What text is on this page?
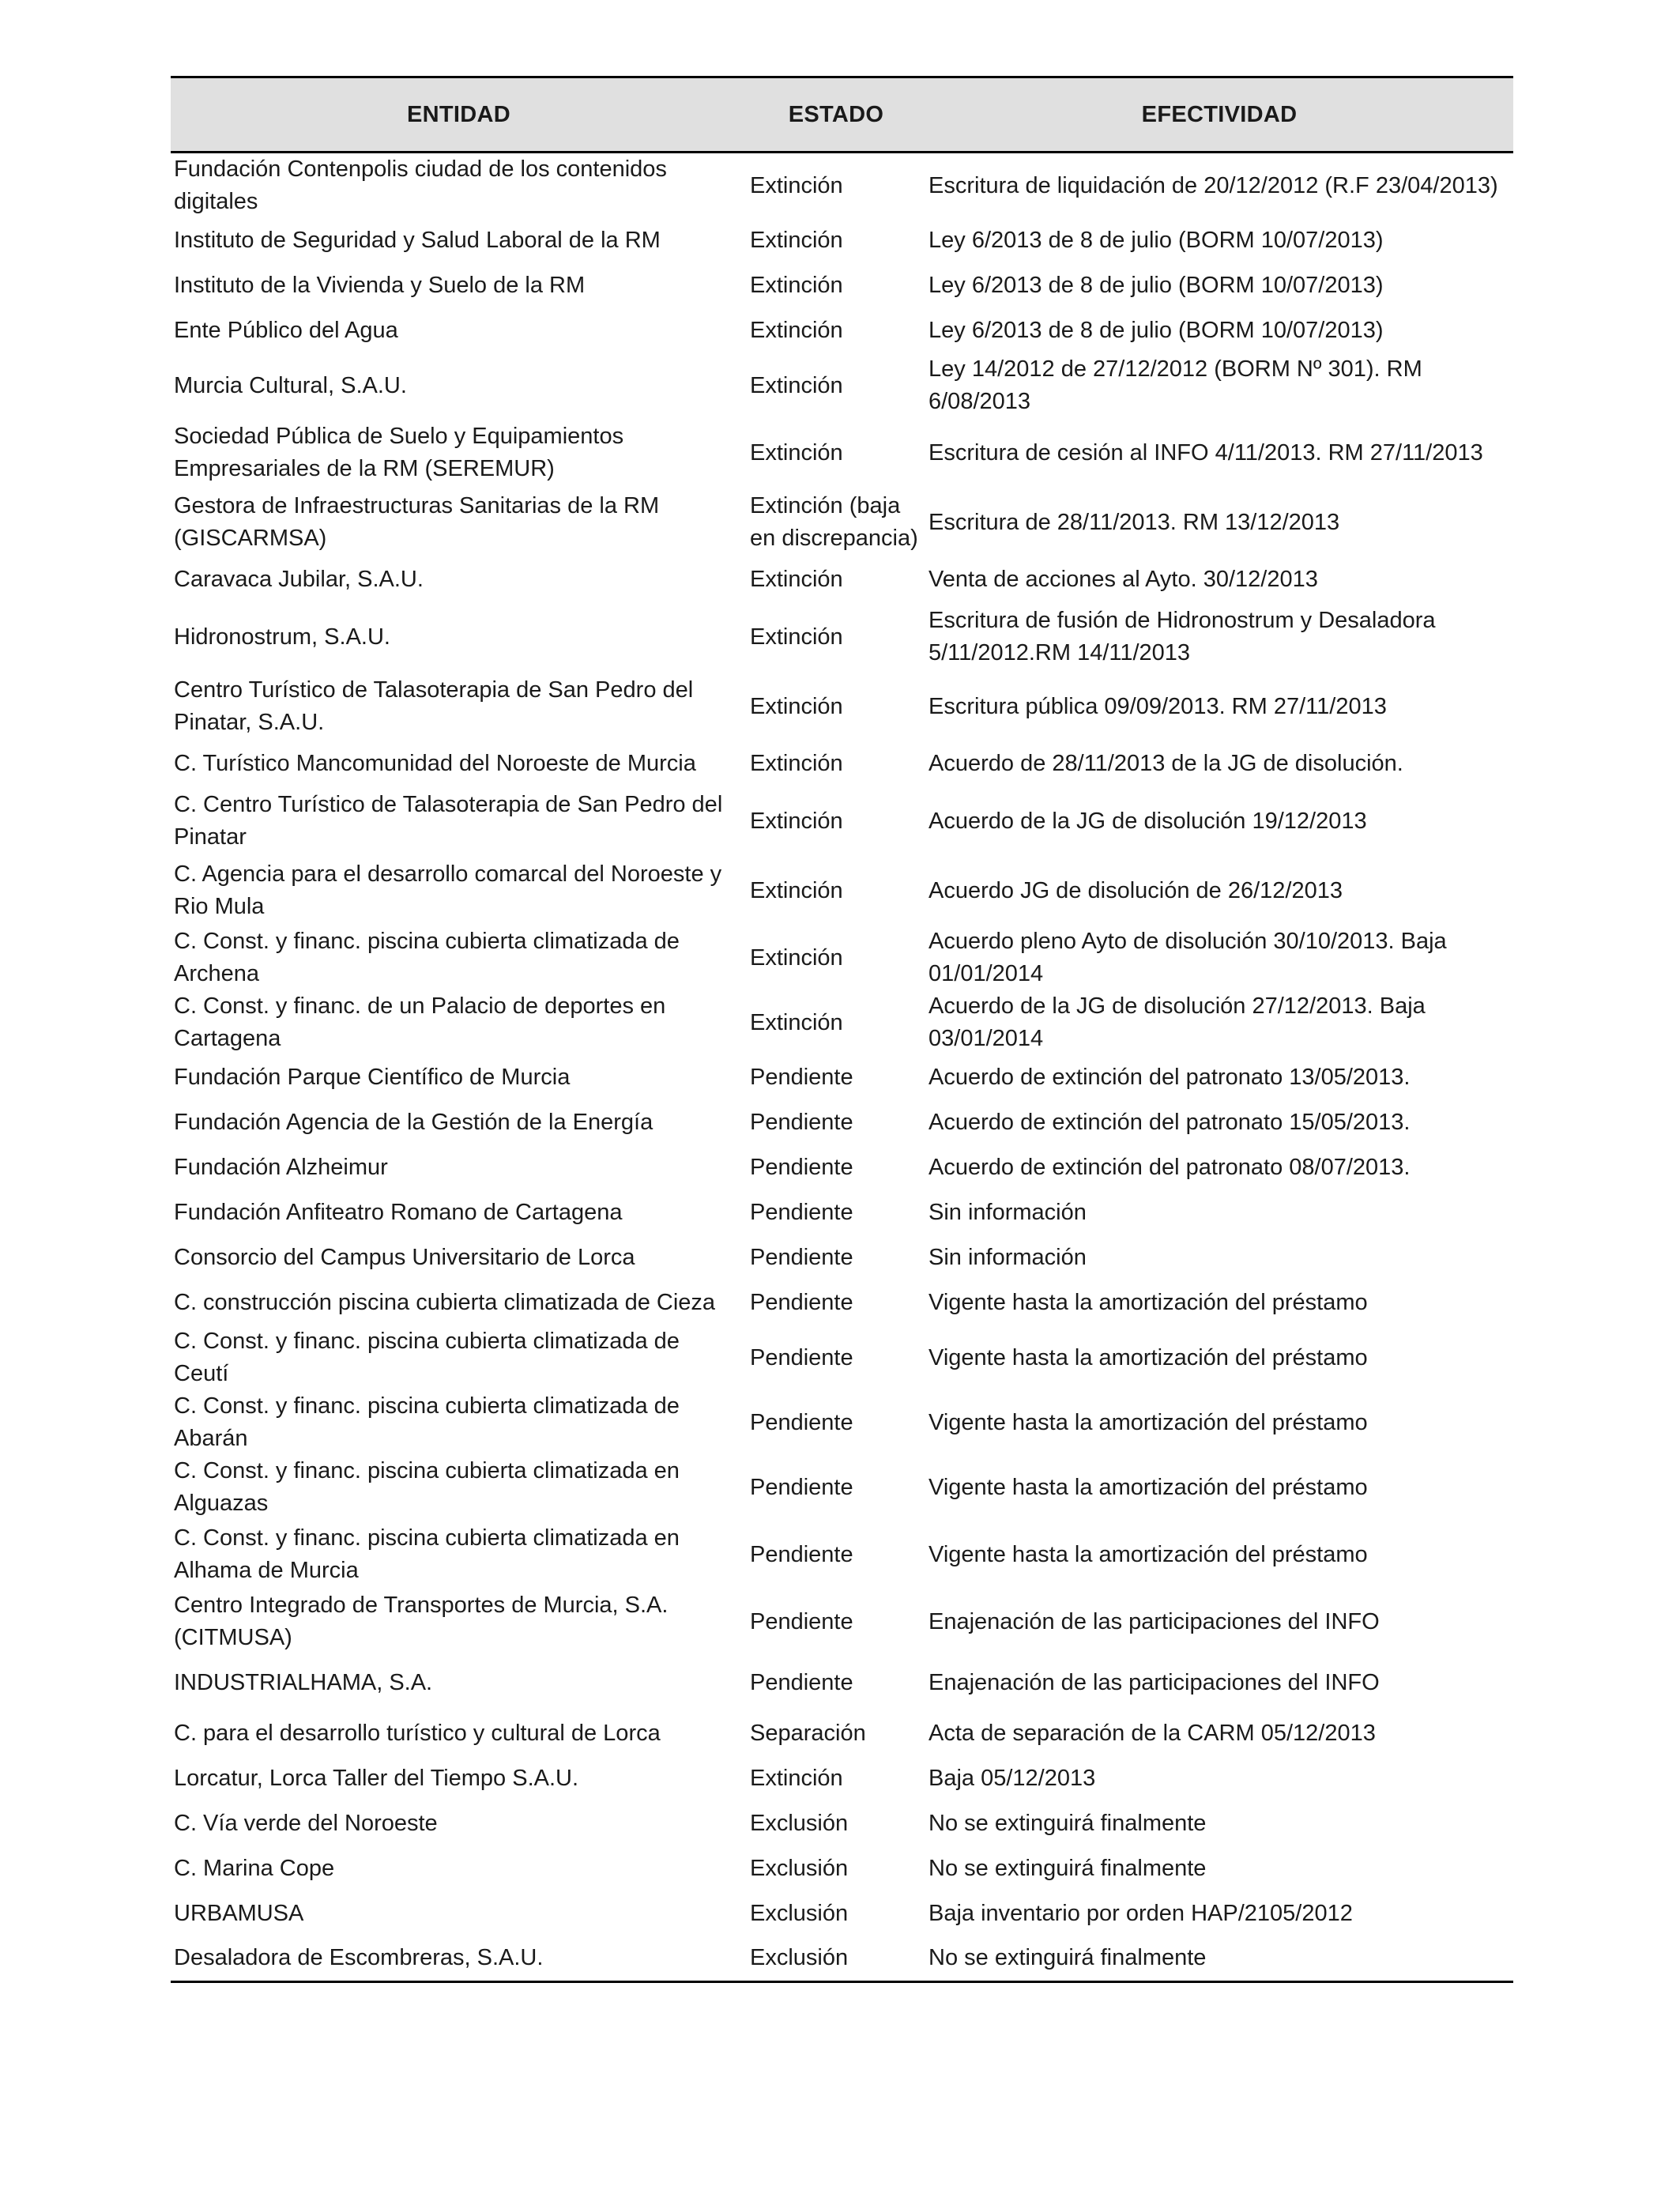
ENTIDAD	ESTADO	EFECTIVIDAD
Fundación Contenpolis ciudad de los contenidos digitales	Extinción	Escritura de liquidación de 20/12/2012 (R.F 23/04/2013)
Instituto de Seguridad y Salud Laboral de la RM	Extinción	Ley 6/2013 de 8 de julio (BORM 10/07/2013)
Instituto de la Vivienda y Suelo de la RM	Extinción	Ley 6/2013 de 8 de julio (BORM 10/07/2013)
Ente Público del Agua	Extinción	Ley 6/2013 de 8 de julio (BORM 10/07/2013)
Murcia Cultural, S.A.U.	Extinción	Ley 14/2012 de 27/12/2012 (BORM Nº 301). RM 6/08/2013
Sociedad Pública de Suelo y Equipamientos Empresariales de la RM (SEREMUR)	Extinción	Escritura de cesión al INFO 4/11/2013. RM 27/11/2013
Gestora de Infraestructuras Sanitarias de la RM (GISCARMSA)	Extinción (baja en discrepancia)	Escritura de 28/11/2013. RM 13/12/2013
Caravaca Jubilar, S.A.U.	Extinción	Venta de acciones al Ayto. 30/12/2013
Hidronostrum, S.A.U.	Extinción	Escritura de fusión de Hidronostrum y Desaladora 5/11/2012.RM 14/11/2013
Centro Turístico de Talasoterapia de San Pedro del Pinatar, S.A.U.	Extinción	Escritura pública 09/09/2013. RM 27/11/2013
C. Turístico Mancomunidad del Noroeste de Murcia	Extinción	Acuerdo de 28/11/2013 de la JG de disolución.
C. Centro Turístico de Talasoterapia de San Pedro del Pinatar	Extinción	Acuerdo de la JG de disolución 19/12/2013
C. Agencia para el desarrollo comarcal del Noroeste y Rio Mula	Extinción	Acuerdo JG de disolución de 26/12/2013
C. Const. y financ. piscina cubierta climatizada de Archena	Extinción	Acuerdo pleno Ayto de disolución 30/10/2013. Baja 01/01/2014
C. Const. y financ. de un Palacio de deportes en Cartagena	Extinción	Acuerdo de la JG de disolución 27/12/2013. Baja 03/01/2014
Fundación Parque Científico de Murcia	Pendiente	Acuerdo de extinción del patronato 13/05/2013.
Fundación Agencia de la Gestión de la Energía	Pendiente	Acuerdo de extinción del patronato 15/05/2013.
Fundación Alzheimur	Pendiente	Acuerdo de extinción del patronato 08/07/2013.
Fundación Anfiteatro Romano de Cartagena	Pendiente	Sin información
Consorcio del Campus Universitario de Lorca	Pendiente	Sin información
C. construcción piscina cubierta climatizada de Cieza	Pendiente	Vigente hasta la amortización del préstamo
C. Const. y financ. piscina cubierta climatizada de Ceutí	Pendiente	Vigente hasta la amortización del préstamo
C. Const. y financ. piscina cubierta climatizada de Abarán	Pendiente	Vigente hasta la amortización del préstamo
C. Const. y financ. piscina cubierta climatizada en Alguazas	Pendiente	Vigente hasta la amortización del préstamo
C. Const. y financ. piscina cubierta climatizada en Alhama de Murcia	Pendiente	Vigente hasta la amortización del préstamo
Centro Integrado de Transportes de Murcia, S.A. (CITMUSA)	Pendiente	Enajenación de las participaciones del INFO
INDUSTRIALHAMA, S.A.	Pendiente	Enajenación de las participaciones del INFO
C. para el desarrollo turístico y cultural de Lorca	Separación	Acta de separación de la CARM 05/12/2013
Lorcatur, Lorca Taller del Tiempo S.A.U.	Extinción	Baja 05/12/2013
C. Vía verde del Noroeste	Exclusión	No se extinguirá finalmente
C. Marina Cope	Exclusión	No se extinguirá finalmente
URBAMUSA	Exclusión	Baja inventario por orden HAP/2105/2012
Desaladora de Escombreras, S.A.U.	Exclusión	No se extinguirá finalmente
